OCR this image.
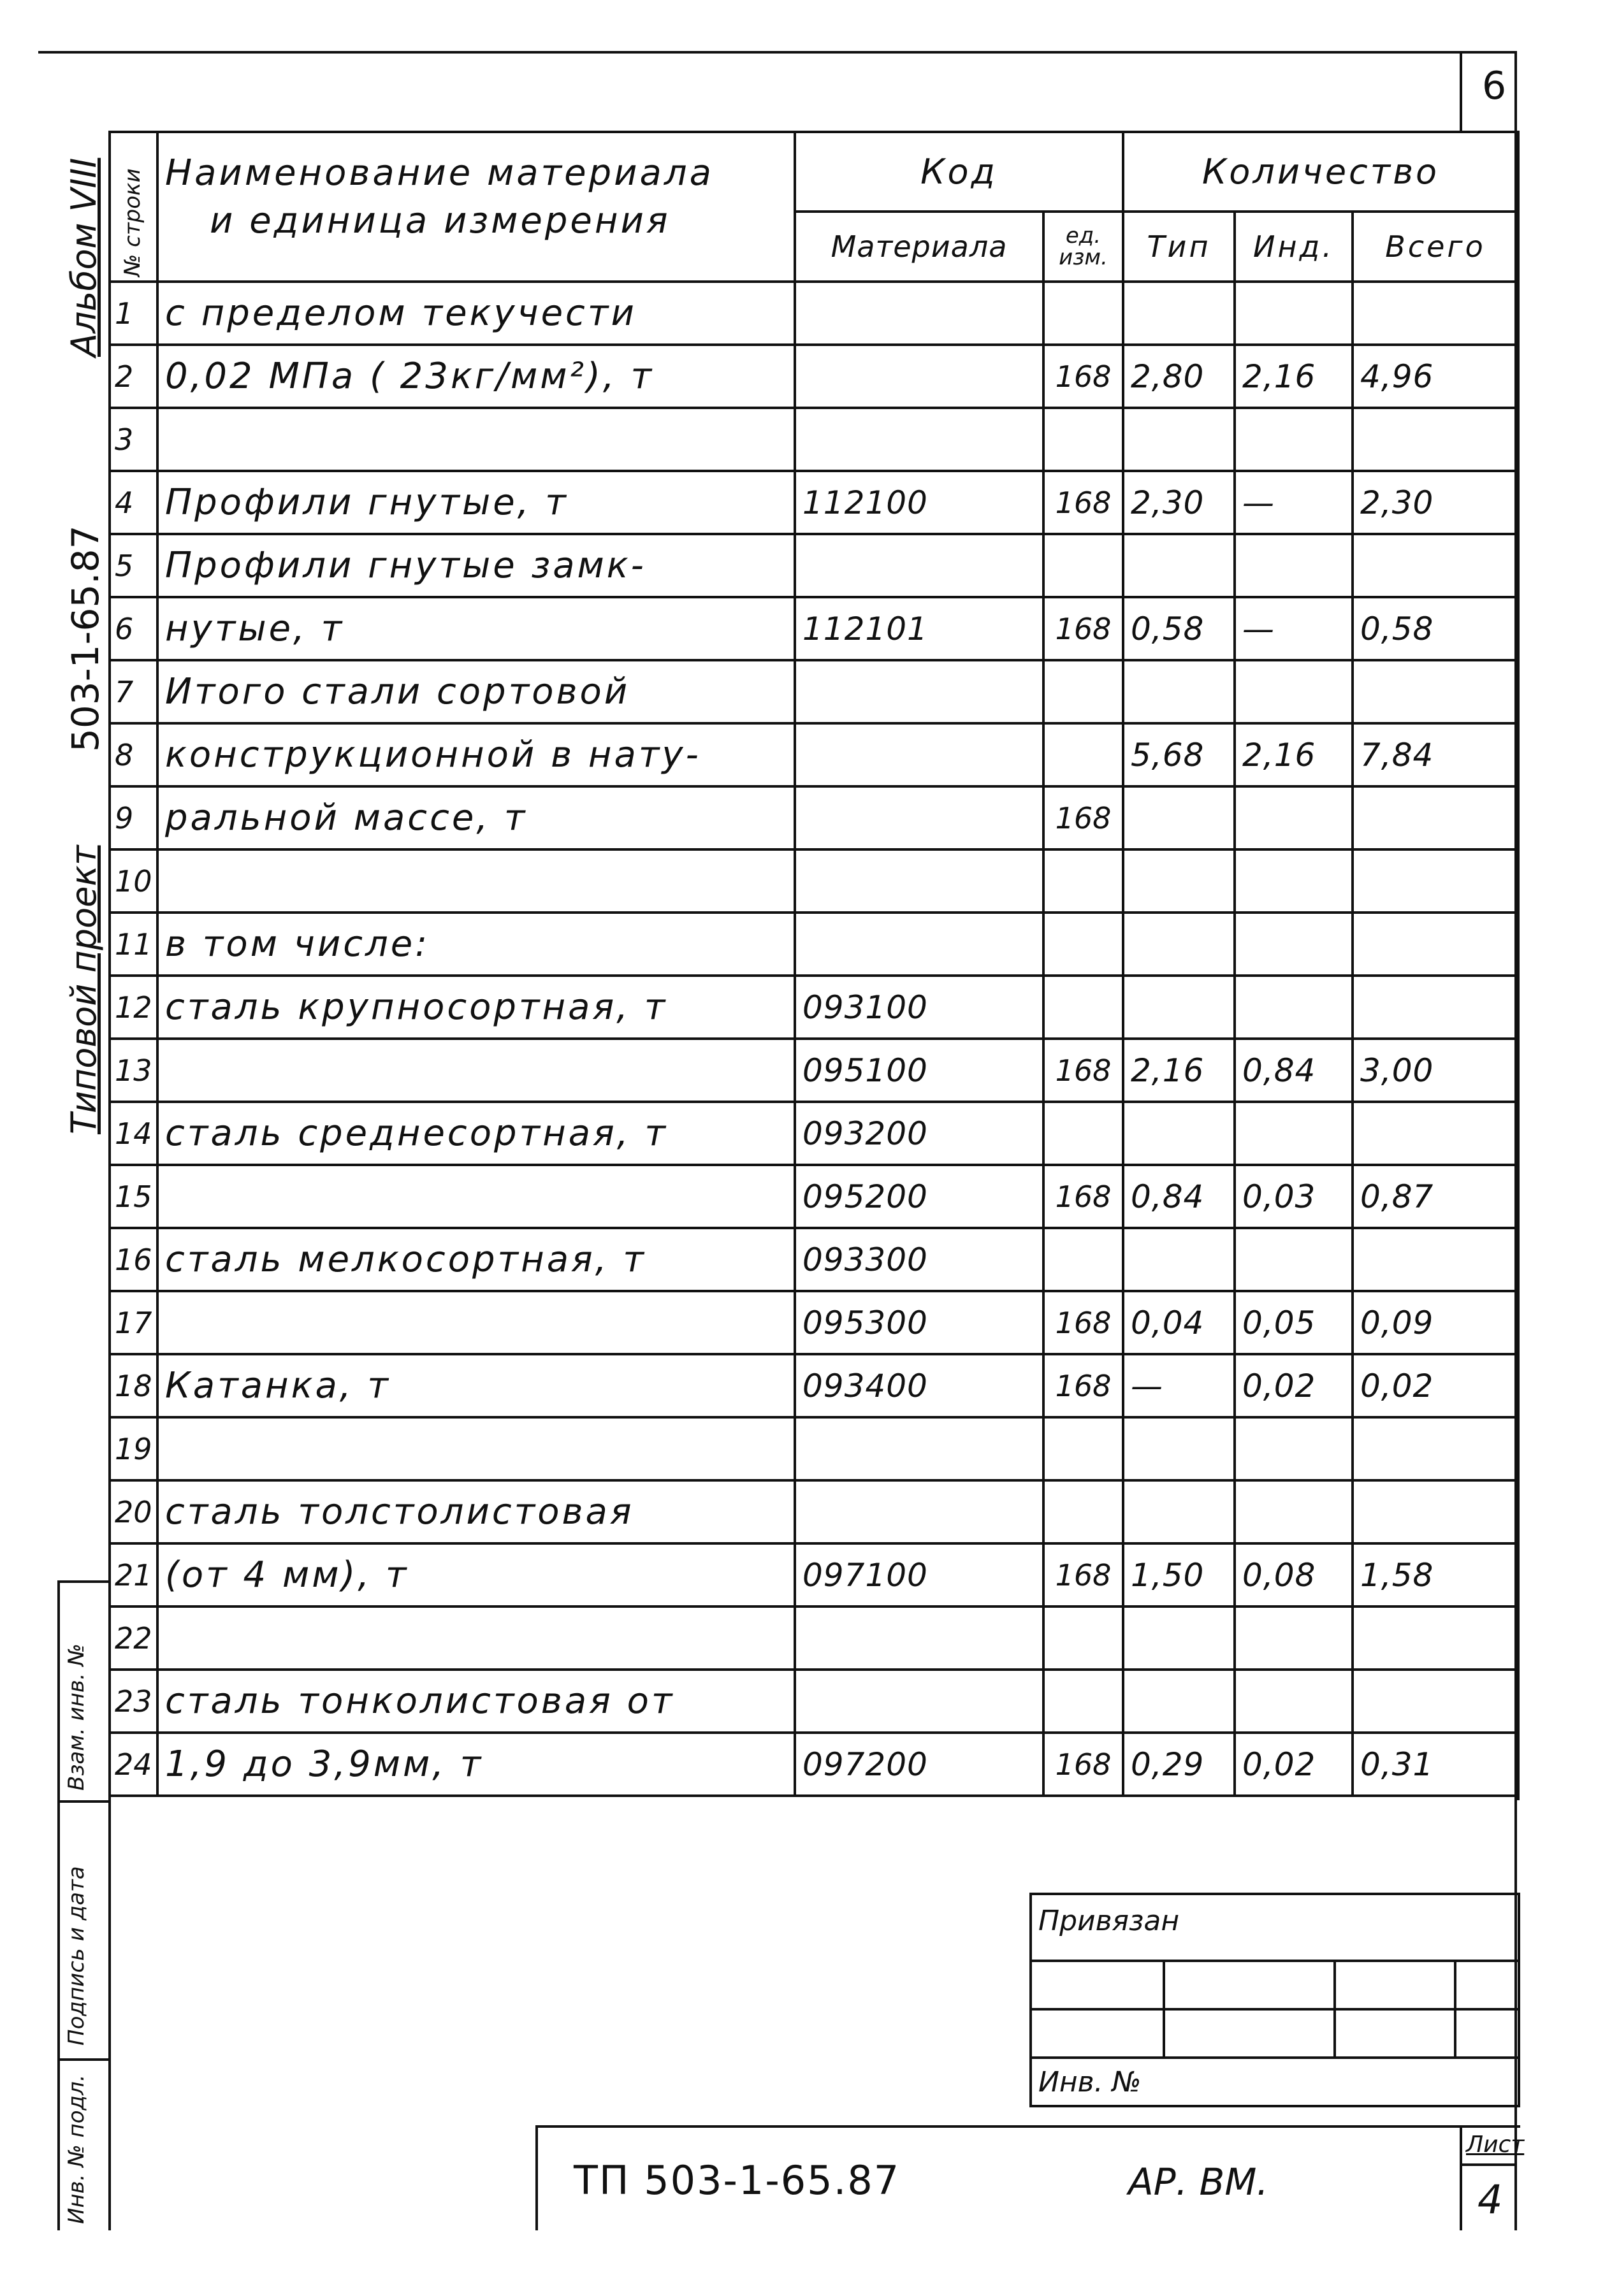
6
Альбом VIII
Типовой проект
503-1-65.87
№ строки	Наименование материала
и единица измерения	Код		Количество		
		Материала	ед. изм.	Тип	Инд.	Всего
1	с пределом текучести					
2	0,02 МПа ( 23кг/мм²), т		168	2,80	2,16	4,96
3						
4	Профили гнутые, т	112100	168	2,30	—	2,30
5	Профили гнутые замк-					
6	нутые, т	112101	168	0,58	—	0,58
7	Итого стали сортовой					
8	конструкционной в нату-			5,68	2,16	7,84
9	ральной массе, т		168			
10						
11	в том числе:					
12	сталь крупносортная, т	093100				
13		095100	168	2,16	0,84	3,00
14	сталь среднесортная, т	093200				
15		095200	168	0,84	0,03	0,87
16	сталь мелкосортная, т	093300				
17		095300	168	0,04	0,05	0,09
18	Катанка, т	093400	168	—	0,02	0,02
19						
20	сталь толстолистовая					
21	(от 4 мм), т	097100	168	1,50	0,08	1,58
22						
23	сталь тонколистовая от					
24	1,9 до 3,9мм, т	097200	168	0,29	0,02	0,31
Взам. инв. №
Подпись и дата
Инв. № подл.
Привязан			

Инв. №			
ТП 503-1-65.87	АР. ВМ.
Лист
4
